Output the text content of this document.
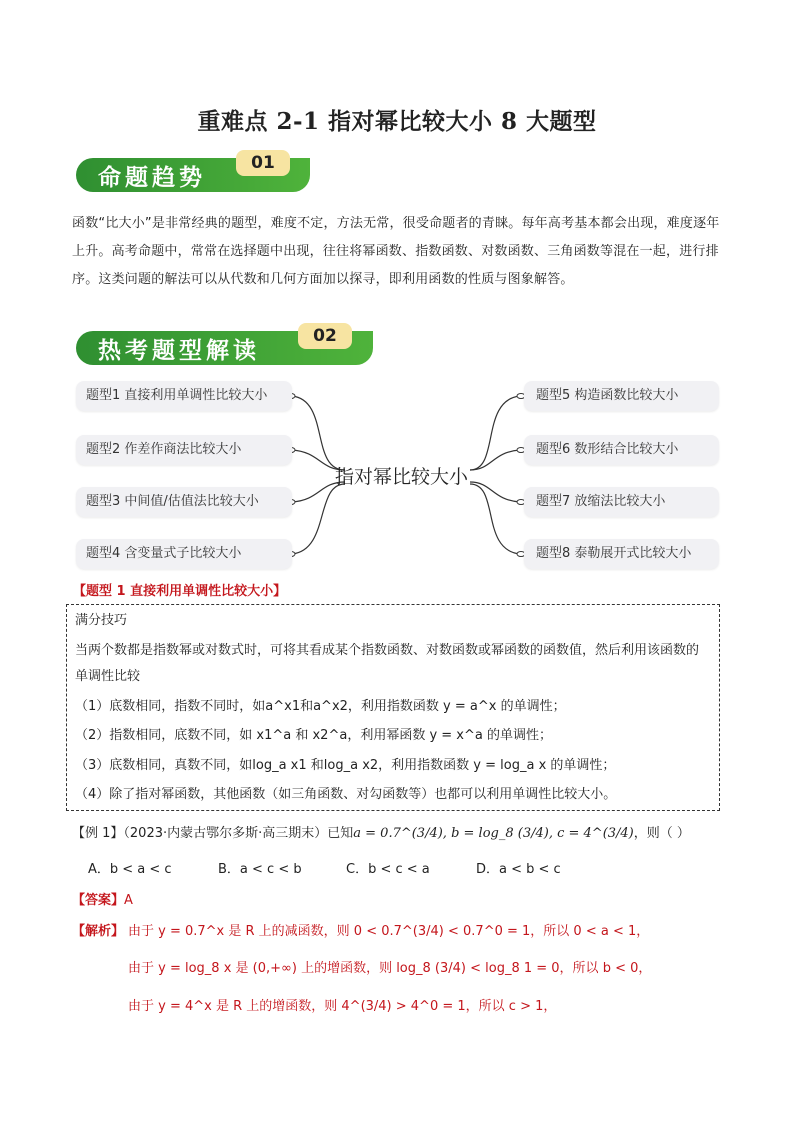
重难点 2-1 指对幂比较大小 8 大题型
命题趋势
01
函数“比大小”是非常经典的题型，难度不定，方法无常，很受命题者的青睐。每年高考基本都会出现，难度逐年上升。高考命题中，常常在选择题中出现，往往将幂函数、指数函数、对数函数、三角函数等混在一起，进行排序。这类问题的解法可以从代数和几何方面加以探寻，即利用函数的性质与图象解答。
热考题型解读
02
题型1 直接利用单调性比较大小
题型2 作差作商法比较大小
题型3 中间值/估值法比较大小
题型4 含变量式子比较大小
指对幂比较大小
题型5 构造函数比较大小
题型6 数形结合比较大小
题型7 放缩法比较大小
题型8 泰勒展开式比较大小
【题型 1 直接利用单调性比较大小】
满分技巧
当两个数都是指数幂或对数式时，可将其看成某个指数函数、对数函数或幂函数的函数值，然后利用该函数的单调性比较
（1）底数相同，指数不同时，如a^x1和a^x2，利用指数函数 y = a^x 的单调性；
（2）指数相同，底数不同，如 x1^a 和 x2^a，利用幂函数 y = x^a 的单调性；
（3）底数相同，真数不同，如log_a x1 和log_a x2，利用指数函数 y = log_a x 的单调性；
（4）除了指对幂函数，其他函数（如三角函数、对勾函数等）也都可以利用单调性比较大小。
【例 1】（2023·内蒙古鄂尔多斯·高三期末）已知a = 0.7^(3/4), b = log_8 (3/4), c = 4^(3/4)，则（ ）
A．b < a < c	B．a < c < b	C．b < c < a	D．a < b < c
【答案】A
【解析】 由于 y = 0.7^x 是 R 上的减函数，则 0 < 0.7^(3/4) < 0.7^0 = 1，所以 0 < a < 1，
由于 y = log_8 x 是 (0,+∞) 上的增函数，则 log_8 (3/4) < log_8 1 = 0，所以 b < 0，
由于 y = 4^x 是 R 上的增函数，则 4^(3/4) > 4^0 = 1，所以 c > 1，
